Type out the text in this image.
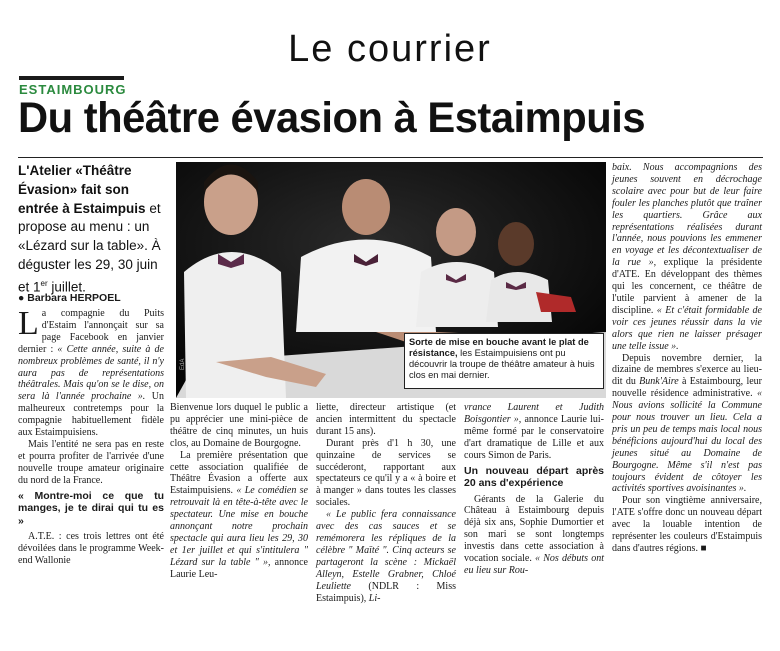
Le courrier
ESTAIMBOURG
Du théâtre évasion à Estaimpuis
L'Atelier «Théâtre Évasion» fait son entrée à Estaimpuis et propose au menu : un «Lézard sur la table». À déguster les 29, 30 juin et 1er juillet.
● Barbara HERPOEL
EdA
Sorte de mise en bouche avant le plat de résistance, les Estaimpuisiens ont pu découvrir la troupe de théâtre amateur à huis clos en mai dernier.

La compagnie du Puits d'Estaim l'annonçait sur sa page Facebook en janvier dernier : « Cette année, suite à de nombreux problèmes de santé, il n'y aura pas de représentations théâtrales. Mais qu'on se le dise, on sera là l'année prochaine ». Un malheureux contretemps pour la compagnie habituellement fidèle aux Estaimpuisiens.

Mais l'entité ne sera pas en reste et pourra profiter de l'arrivée d'une nouvelle troupe amateur originaire du nord de la France.

« Montre-moi ce que tu manges, je te dirai qui tu es »

A.T.E. : ces trois lettres ont été dévoilées dans le programme Week-end Wallonie

Bienvenue lors duquel le public a pu apprécier une mini-pièce de théâtre de cinq minutes, un huis clos, au Domaine de Bourgogne.

La première présentation que cette association qualifiée de Théâtre Évasion a offerte aux Estaimpuisiens. « Le comédien se retrouvait là en tête-à-tête avec le spectateur. Une mise en bouche annonçant notre prochain spectacle qui aura lieu les 29, 30 et 1er juillet et qui s'intitulera " Lézard sur la table " », annonce Laurie Leu-

liette, directeur artistique (et ancien intermittent du spectacle durant 15 ans).

Durant près d'1 h 30, une quinzaine de services se succéderont, rapportant aux spectateurs ce qu'il y a « à boire et à manger » dans toutes les classes sociales.

« Le public fera connaissance avec des cas sauces et se remémorera les répliques de la célèbre " Maïté ". Cinq acteurs se partageront la scène : Mickaël Alleyn, Estelle Grabner, Chloé Leuliette (NDLR : Miss Estaimpuis), Li-

vrance Laurent et Judith Boisgontier », annonce Laurie lui-même formé par le conservatoire d'art dramatique de Lille et aux cours Simon de Paris.

Un nouveau départ après 20 ans d'expérience

Gérants de la Galerie du Château à Estaimbourg depuis déjà six ans, Sophie Dumortier et son mari se sont longtemps investis dans cette association à vocation sociale. « Nos débuts ont eu lieu sur Rou-

baix. Nous accompagnions des jeunes souvent en décrochage scolaire avec pour but de leur faire fouler les planches plutôt que traîner les quartiers. Grâce aux représentations réalisées durant l'année, nous pouvions les emmener en voyage et les décontextualiser de la rue », explique la présidente d'ATE. En développant des thèmes qui les concernent, ce théâtre de l'utile parvient à amener de la discipline. « Et c'était formidable de voir ces jeunes réussir dans la vie alors que rien ne laisser présager une telle issue ».

Depuis novembre dernier, la dizaine de membres s'exerce au lieu-dit du Bunk'Aire à Estaimbourg, leur nouvelle résidence administrative. « Nous avions sollicité la Commune pour nous trouver un lieu. Cela a pris un peu de temps mais local nous bénéficions aujourd'hui du local des jeunes situé au Domaine de Bourgogne. Même s'il n'est pas toujours évident de côtoyer les activités sportives avoisinantes ».

Pour son vingtième anniversaire, l'ATE s'offre donc un nouveau départ avec la louable intention de représenter les couleurs d'Estaimpuis dans d'autres régions. ■
